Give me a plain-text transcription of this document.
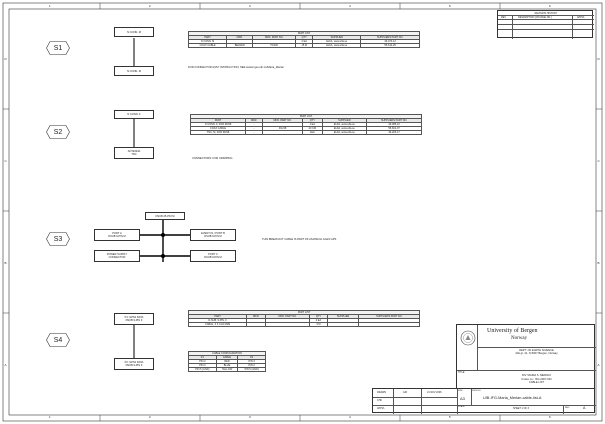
1
1
2
2
3
3
4
4
5
5
6
6
D	D
C	C
B	B
A	A
REVISION HISTORY
REV	DESCRIPTION (CHANGE NO.)	APPVL
S1
N CONN. M
N CONN. M
PART LIST					
PART	MFR.	MFR. PART NO.	QTY	SUPPLIER	SUPPLIERS PART NO.
N CONN. M			2 EA	ELFA, www.elfa.se	46-074-12
COAX CABLE	BELDEN	H1000	15 M	ELFA, www.elfa.se	55-614-25
FOR CONNECTOR ASSY INSTRUCTION, SEE www2.geo.uib.no/Maria_Merian
S2
N CONN. F
ANTENNA
TNC
PART LIST					
PART	MFR.	MFR. PART NO.	QTY	SUPPLIER	SUPPLIERS PART NO.
N CONN. F, FOR RG58	-		1 EA	ELFA, www.elfa.se	46-085-10
COAX CABLE	-	RG-58	20 CM	ELFA, www.elfa.se	55-601-07
TNC, M, FOR RG58	-		1EA	ELFA, www.elfa.se	46-203-17
CONNECTORS: FOR CRIMPING
S3
DSUB 25-PIN M
PORT A
DSUB 9-PIN M
POWER SUPPLY
CONNECTOR
EVENT IN / PORT B
DSUB 9-PIN M
PORT C
DSUB 9-PIN M
THIS BREAKOUT CABLE IS PART OF ASHTECH GG24 GPS
S4
P1: GPS2 DATA
DSUB 9-PIN F
P2: GPS2 DATA
DSUB 9-PIN F
PART LIST					
PART	MFR.	MFR. PART NO.	QTY	SUPPLIER	SUPPLIERS PART NO.
D-SUB, 9-PIN, F			2 EA		
CABLE, 3 X 0.22 MM2			3 M		
CABLE CONFIGURATION		
P1	CABLE	P2
PIN 2	RED	PIN 3
PIN 3	BLUE	PIN 2
PIN 5 (GND)	YELLOW	PIN 5 (GND)
University of Bergen
Norway
DEPT. OF EARTH SCIENCE
Allé gt. 41, N-5007 Bergen, Norway
TITLE
R/V 'MARIA S. MERIAN'
Cruise no.: IFG-2007-001
CABLE LIST
DRAWN	GM	21 NOV 2006
CHK
APPVL
SIZE
A3
DWG NO.
UIB-IFG-Maria_Merian-cable-list-A
SCALE	SHEET 1 OF 3	REV	A
